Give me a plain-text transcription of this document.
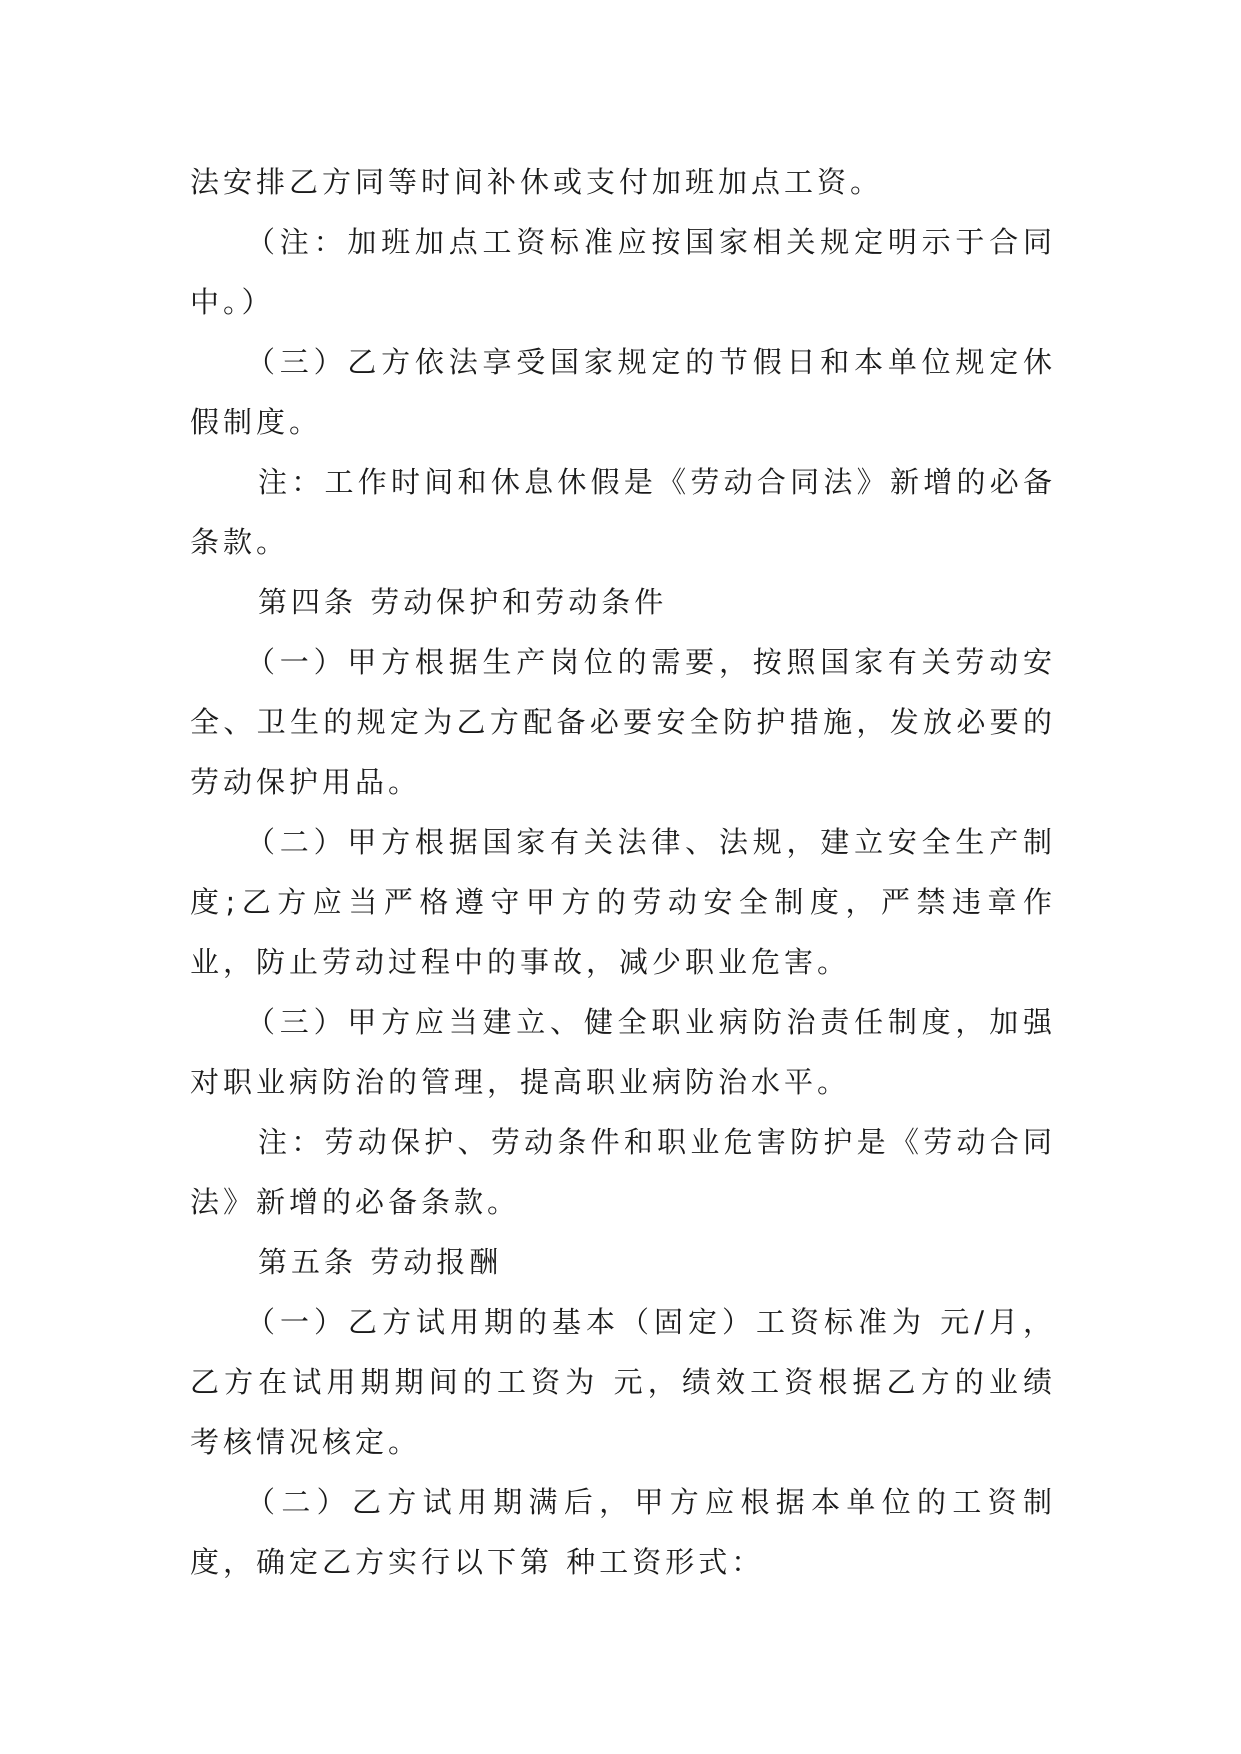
法安排乙方同等时间补休或支付加班加点工资。

（注：加班加点工资标准应按国家相关规定明示于合同中。）

（三）乙方依法享受国家规定的节假日和本单位规定休假制度。

注：工作时间和休息休假是《劳动合同法》新增的必备条款。

第四条 劳动保护和劳动条件

（一）甲方根据生产岗位的需要，按照国家有关劳动安全、卫生的规定为乙方配备必要安全防护措施，发放必要的劳动保护用品。

（二）甲方根据国家有关法律、法规，建立安全生产制度;乙方应当严格遵守甲方的劳动安全制度，严禁违章作业，防止劳动过程中的事故，减少职业危害。

（三）甲方应当建立、健全职业病防治责任制度，加强对职业病防治的管理，提高职业病防治水平。

注：劳动保护、劳动条件和职业危害防护是《劳动合同法》新增的必备条款。

第五条 劳动报酬

（一）乙方试用期的基本（固定）工资标准为 元/月，乙方在试用期期间的工资为 元，绩效工资根据乙方的业绩考核情况核定。

（二）乙方试用期满后，甲方应根据本单位的工资制度，确定乙方实行以下第 种工资形式：
